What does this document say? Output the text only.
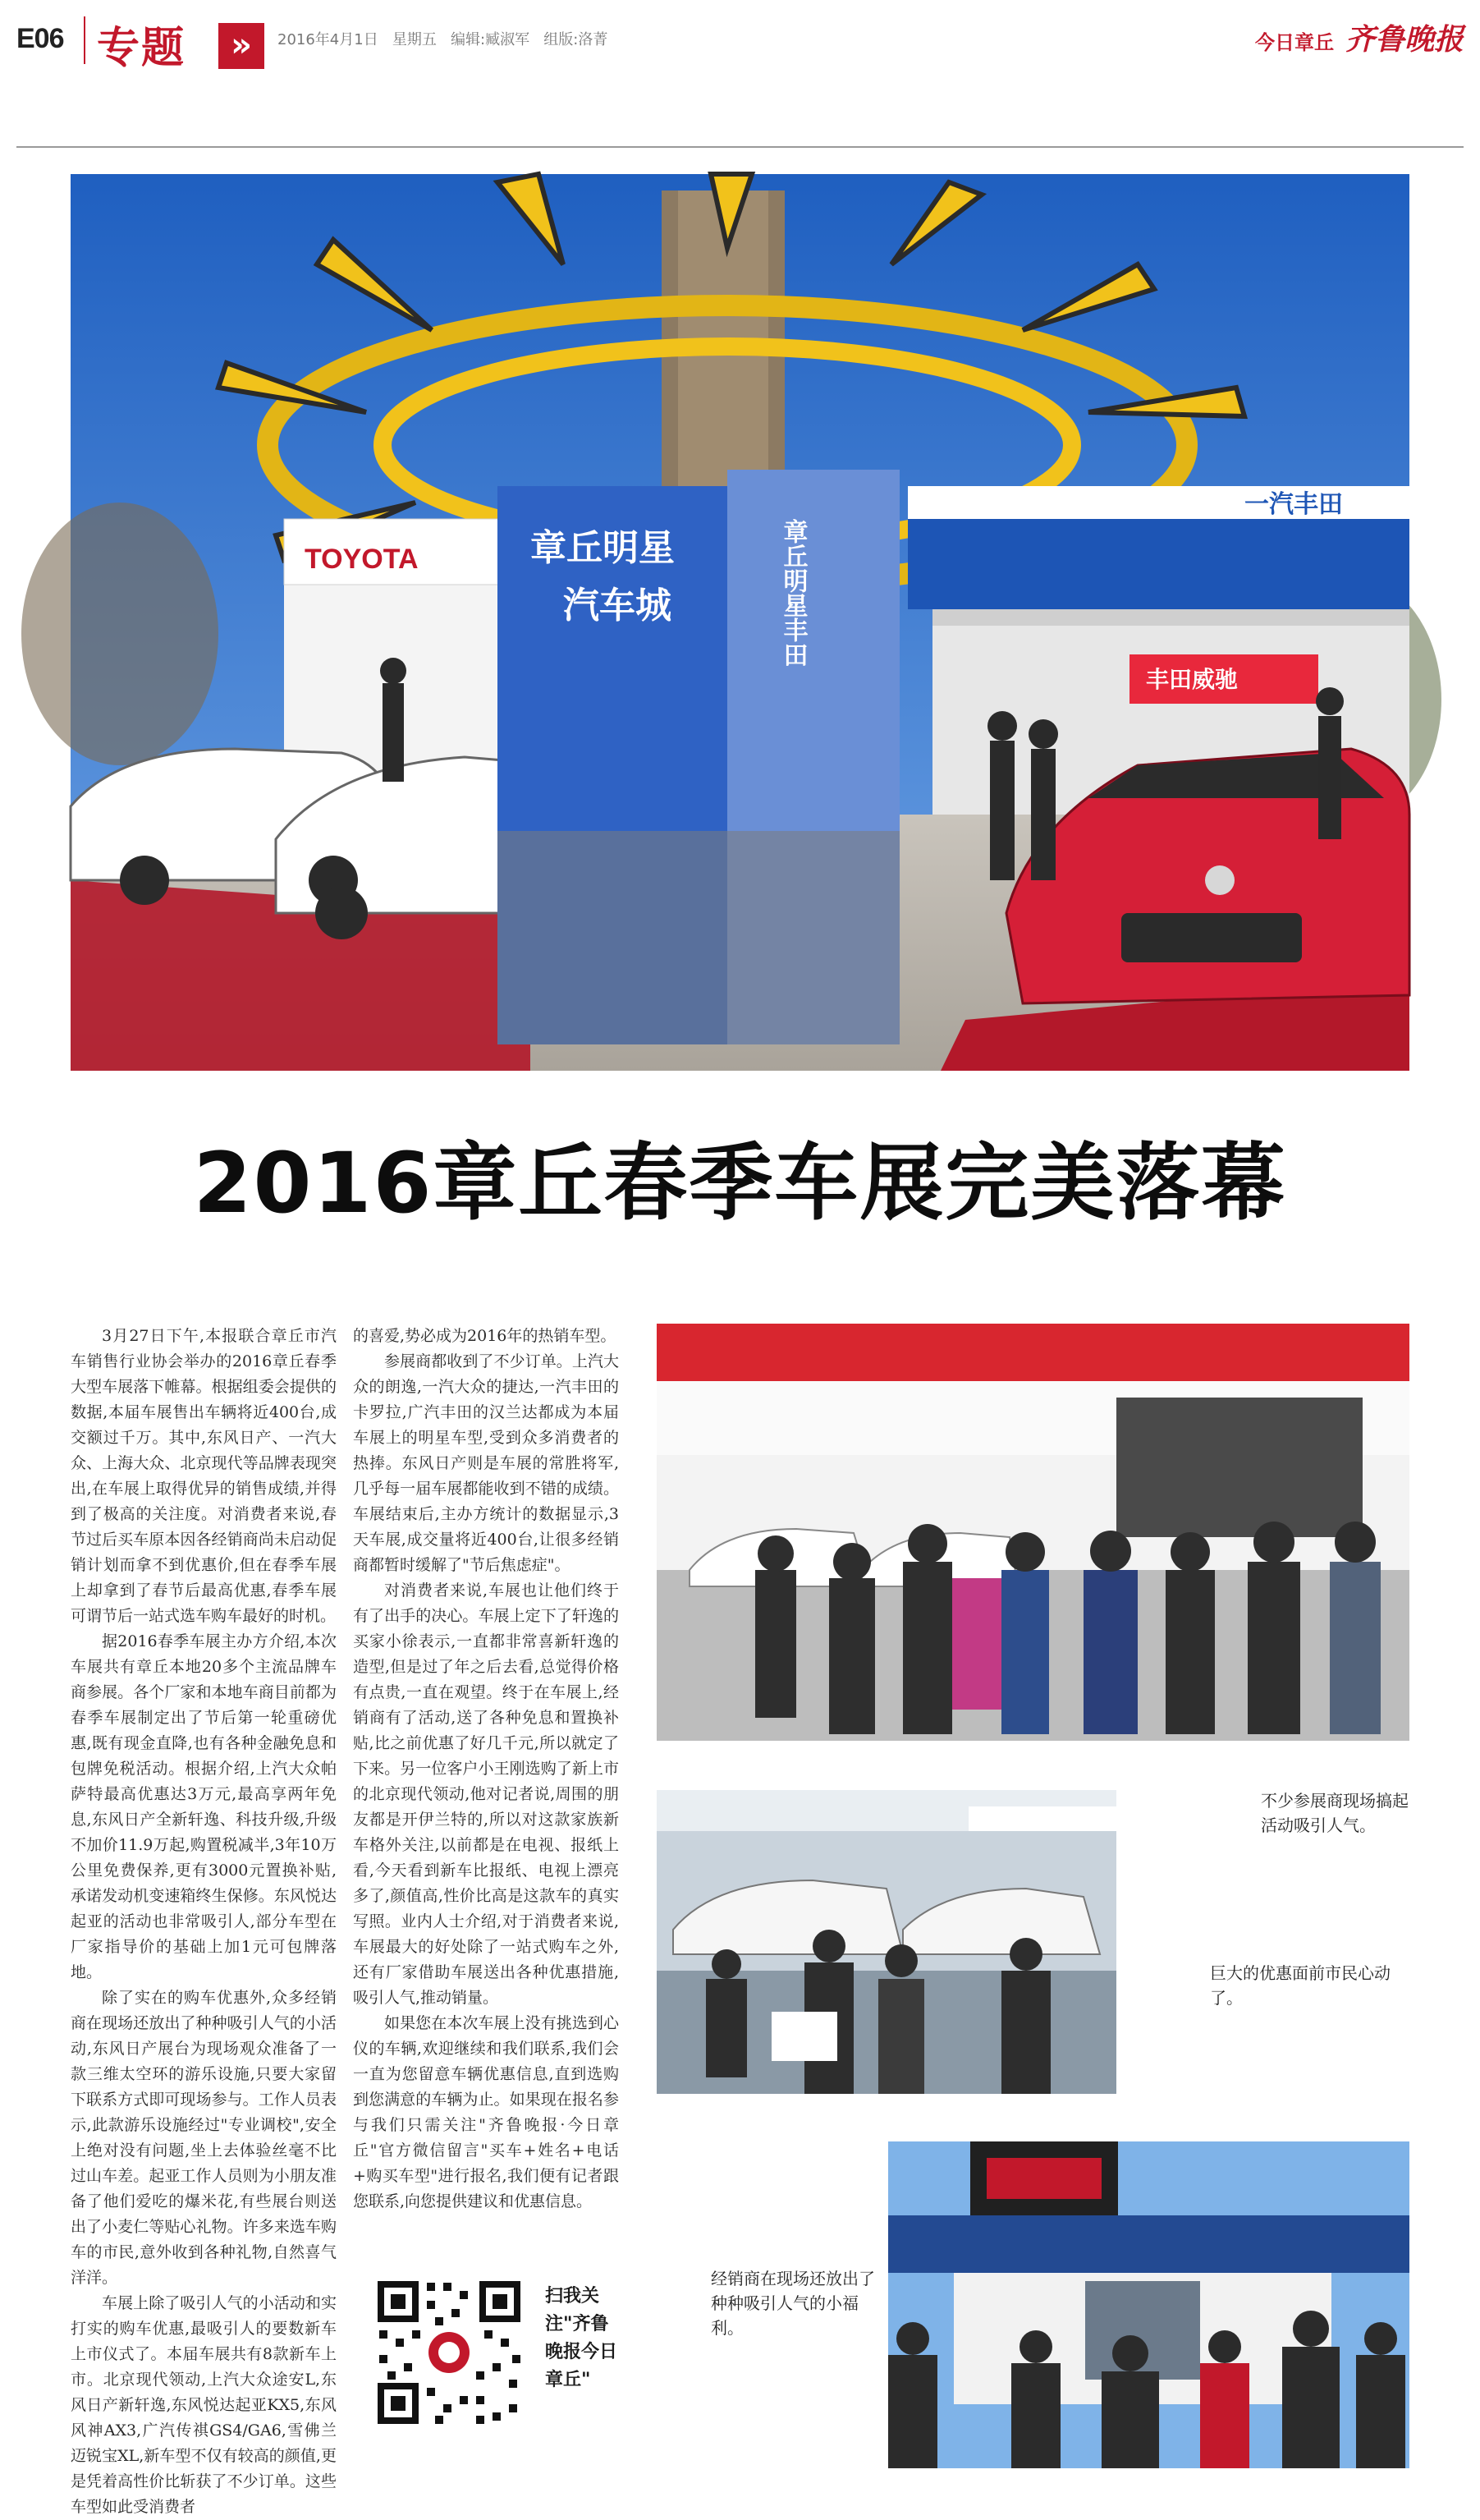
E06 专题	»	2016年4月1日   星期五   编辑:臧淑军   组版:洛菁	今日章丘 齐鲁晚报
一汽丰田
TOYOTA	章丘明星
汽车城	章丘明星丰田
丰田威驰
2016章丘春季车展完美落幕

3月27日下午,本报联合章丘市汽车销售行业协会举办的2016章丘春季大型车展落下帷幕。根据组委会提供的数据,本届车展售出车辆将近400台,成交额过千万。其中,东风日产、一汽大众、上海大众、北京现代等品牌表现突出,在车展上取得优异的销售成绩,并得到了极高的关注度。对消费者来说,春节过后买车原本因各经销商尚未启动促销计划而拿不到优惠价,但在春季车展上却拿到了春节后最高优惠,春季车展可谓节后一站式选车购车最好的时机。

据2016春季车展主办方介绍,本次车展共有章丘本地20多个主流品牌车商参展。各个厂家和本地车商目前都为春季车展制定出了节后第一轮重磅优惠,既有现金直降,也有各种金融免息和包牌免税活动。根据介绍,上汽大众帕萨特最高优惠达3万元,最高享两年免息,东风日产全新轩逸、科技升级,升级不加价11.9万起,购置税减半,3年10万公里免费保养,更有3000元置换补贴,承诺发动机变速箱终生保修。东风悦达起亚的活动也非常吸引人,部分车型在厂家指导价的基础上加1元可包牌落地。

除了实在的购车优惠外,众多经销商在现场还放出了种种吸引人气的小活动,东风日产展台为现场观众准备了一款三维太空环的游乐设施,只要大家留下联系方式即可现场参与。工作人员表示,此款游乐设施经过"专业调校",安全上绝对没有问题,坐上去体验丝毫不比过山车差。起亚工作人员则为小朋友准备了他们爱吃的爆米花,有些展台则送出了小麦仁等贴心礼物。许多来选车购车的市民,意外收到各种礼物,自然喜气洋洋。

车展上除了吸引人气的小活动和实打实的购车优惠,最吸引人的要数新车上市仪式了。本届车展共有8款新车上市。北京现代领动,上汽大众途安L,东风日产新轩逸,东风悦达起亚KX5,东风风神AX3,广汽传祺GS4/GA6,雪佛兰迈锐宝XL,新车型不仅有较高的颜值,更是凭着高性价比斩获了不少订单。这些车型如此受消费者

的喜爱,势必成为2016年的热销车型。

参展商都收到了不少订单。上汽大众的朗逸,一汽大众的捷达,一汽丰田的卡罗拉,广汽丰田的汉兰达都成为本届车展上的明星车型,受到众多消费者的热捧。东风日产则是车展的常胜将军,几乎每一届车展都能收到不错的成绩。车展结束后,主办方统计的数据显示,3天车展,成交量将近400台,让很多经销商都暂时缓解了"节后焦虑症"。

对消费者来说,车展也让他们终于有了出手的决心。车展上定下了轩逸的买家小徐表示,一直都非常喜新轩逸的造型,但是过了年之后去看,总觉得价格有点贵,一直在观望。终于在车展上,经销商有了活动,送了各种免息和置换补贴,比之前优惠了好几千元,所以就定了下来。另一位客户小王刚选购了新上市的北京现代领动,他对记者说,周围的朋友都是开伊兰特的,所以对这款家族新车格外关注,以前都是在电视、报纸上看,今天看到新车比报纸、电视上漂亮多了,颜值高,性价比高是这款车的真实写照。业内人士介绍,对于消费者来说,车展最大的好处除了一站式购车之外,还有厂家借助车展送出各种优惠措施,吸引人气,推动销量。

如果您在本次车展上没有挑选到心仪的车辆,欢迎继续和我们联系,我们会一直为您留意车辆优惠信息,直到选购到您满意的车辆为止。如果现在报名参与我们只需关注"齐鲁晚报·今日章丘"官方微信留言"买车+姓名+电话+购买车型"进行报名,我们便有记者跟您联系,向您提供建议和优惠信息。

不少参展商现场搞起活动吸引人气。
巨大的优惠面前市民心动了。
经销商在现场还放出了种种吸引人气的小福利。
扫我关注"齐鲁晚报今日章丘"
